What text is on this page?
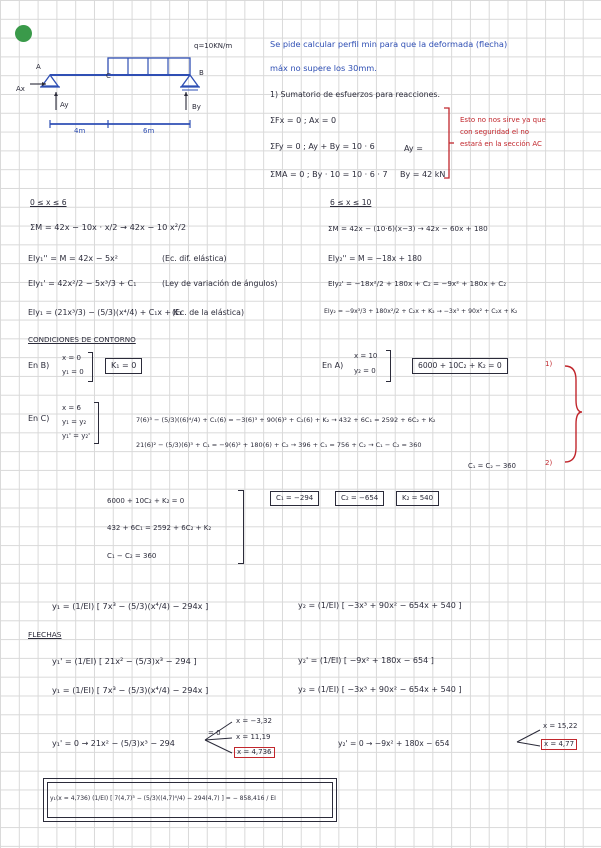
q=10KN/m
A
B
C
Ax
Ay	By
4m	6m
Se pide calcular perfil min para que la deformada (flecha)
máx no supere los 30mm.
1) Sumatorio de esfuerzos para reacciones.
ΣFx = 0 ; Ax = 0
ΣFy = 0 ; Ay + By = 10 · 6	Ay =
ΣMA = 0 ; By · 10 = 10 · 6 · 7 By = 42 kN
Esto no nos sirve ya que
con seguridad el no
estará en la sección AC
0 ≤ x ≤ 6
ΣM = 42x − 10x · x/2 → 42x − 10 x²/2
EIy₁'' = M = 42x − 5x²	(Ec. dif. elástica)
EIy₁' = 42x²/2 − 5x³/3 + C₁	(Ley de variación de ángulos)
EIy₁ = (21x³/3) − (5/3)(x⁴/4) + C₁x + K₁
(Ec. de la elástica)
6 ≤ x ≤ 10
ΣM = 42x − (10·6)(x−3) → 42x − 60x + 180
EIy₂'' = M = −18x + 180
EIy₂' = −18x²/2 + 180x + C₂ = −9x² + 180x + C₂
EIy₂ = −9x³/3 + 180x²/2 + C₂x + K₂ → −3x³ + 90x² + C₂x + K₂
CONDICIONES DE CONTORNO
En B)
x = 0
y₁ = 0
K₁ = 0	En A)
x = 10
y₂ = 0
6000 + 10C₂ + K₂ = 0	1)
En C)
x = 6
y₁ = y₂
y₁' = y₂'
7(6)³ − (5/3)((6)⁴/4) + C₁(6) = −3(6)³ + 90(6)² + C₂(6) + K₂ → 432 + 6C₁ = 2592 + 6C₂ + K₂
21(6)² − (5/3)(6)³ + C₁ = −9(6)² + 180(6) + C₂ → 396 + C₁ = 756 + C₂ → C₁ − C₂ = 360
C₁ = C₂ − 360	2)
6000 + 10C₂ + K₂ = 0
432 + 6C₁ = 2592 + 6C₂ + K₂
C₁ − C₂ = 360
C₁ = −294	C₂ = −654	K₂ = 540
y₁ = (1/EI) [ 7x³ − (5/3)(x⁴/4) − 294x ]	y₂ = (1/EI) [ −3x³ + 90x² − 654x + 540 ]
FLECHAS
y₁' = (1/EI) [ 21x² − (5/3)x³ − 294 ]	y₂' = (1/EI) [ −9x² + 180x − 654 ]
y₁ = (1/EI) [ 7x³ − (5/3)(x⁴/4) − 294x ]	y₂ = (1/EI) [ −3x³ + 90x² − 654x + 540 ]
y₁' = 0 → 21x² − (5/3)x³ − 294
= 0
x = −3,32
x = 11,19
x = 4,736
y₂' = 0 → −9x² + 180x − 654
x = 15,22
x = 4,77
y₁(x = 4,736) (1/EI) [ 7(4,7)³ − (5/3)((4,7)⁴/4) − 294(4,7) ] = − 858,416 / EI
